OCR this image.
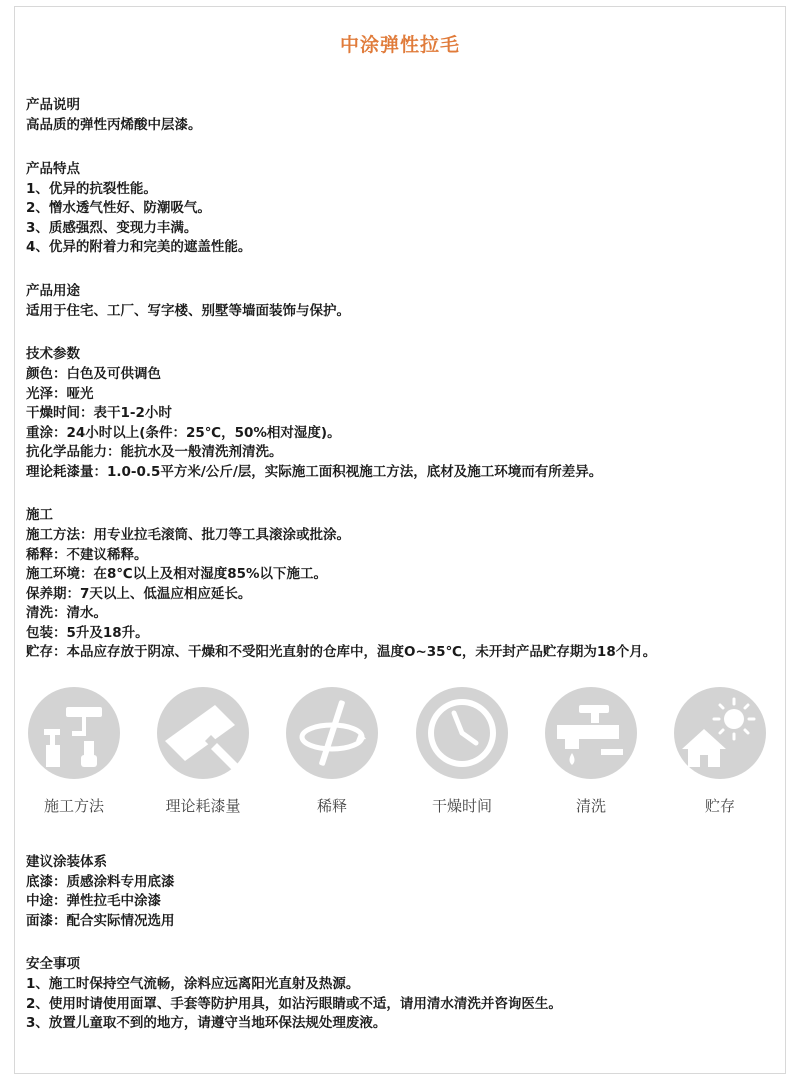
中涂弹性拉毛
产品说明
高品质的弹性丙烯酸中层漆。
产品特点
1、优异的抗裂性能。
2、憎水透气性好、防潮吸气。
3、质感强烈、变现力丰满。
4、优异的附着力和完美的遮盖性能。
产品用途
适用于住宅、工厂、写字楼、别墅等墙面装饰与保护。
技术参数
颜色：白色及可供调色
光泽：哑光
干燥时间：表干1-2小时
重涂：24小时以上(条件：25℃，50%相对湿度)。
抗化学品能力：能抗水及一般清洗剂清洗。
理论耗漆量：1.0-0.5平方米/公斤/层，实际施工面积视施工方法，底材及施工环境而有所差异。
施工
施工方法：用专业拉毛滚筒、批刀等工具滚涂或批涂。
稀释：不建议稀释。
施工环境：在8℃以上及相对湿度85%以下施工。
保养期：7天以上、低温应相应延长。
清洗：清水。
包装：5升及18升。
贮存：本品应存放于阴凉、干燥和不受阳光直射的仓库中，温度O~35℃，未开封产品贮存期为18个月。
施工方法	理论耗漆量	稀释	干燥时间	清洗	贮存
建议涂装体系
底漆：质感涂料专用底漆
中途：弹性拉毛中涂漆
面漆：配合实际情况选用
安全事项
1、施工时保持空气流畅，涂料应远离阳光直射及热源。
2、使用时请使用面罩、手套等防护用具，如沾污眼睛或不适，请用清水清洗并咨询医生。
3、放置儿童取不到的地方，请遵守当地环保法规处理废液。
